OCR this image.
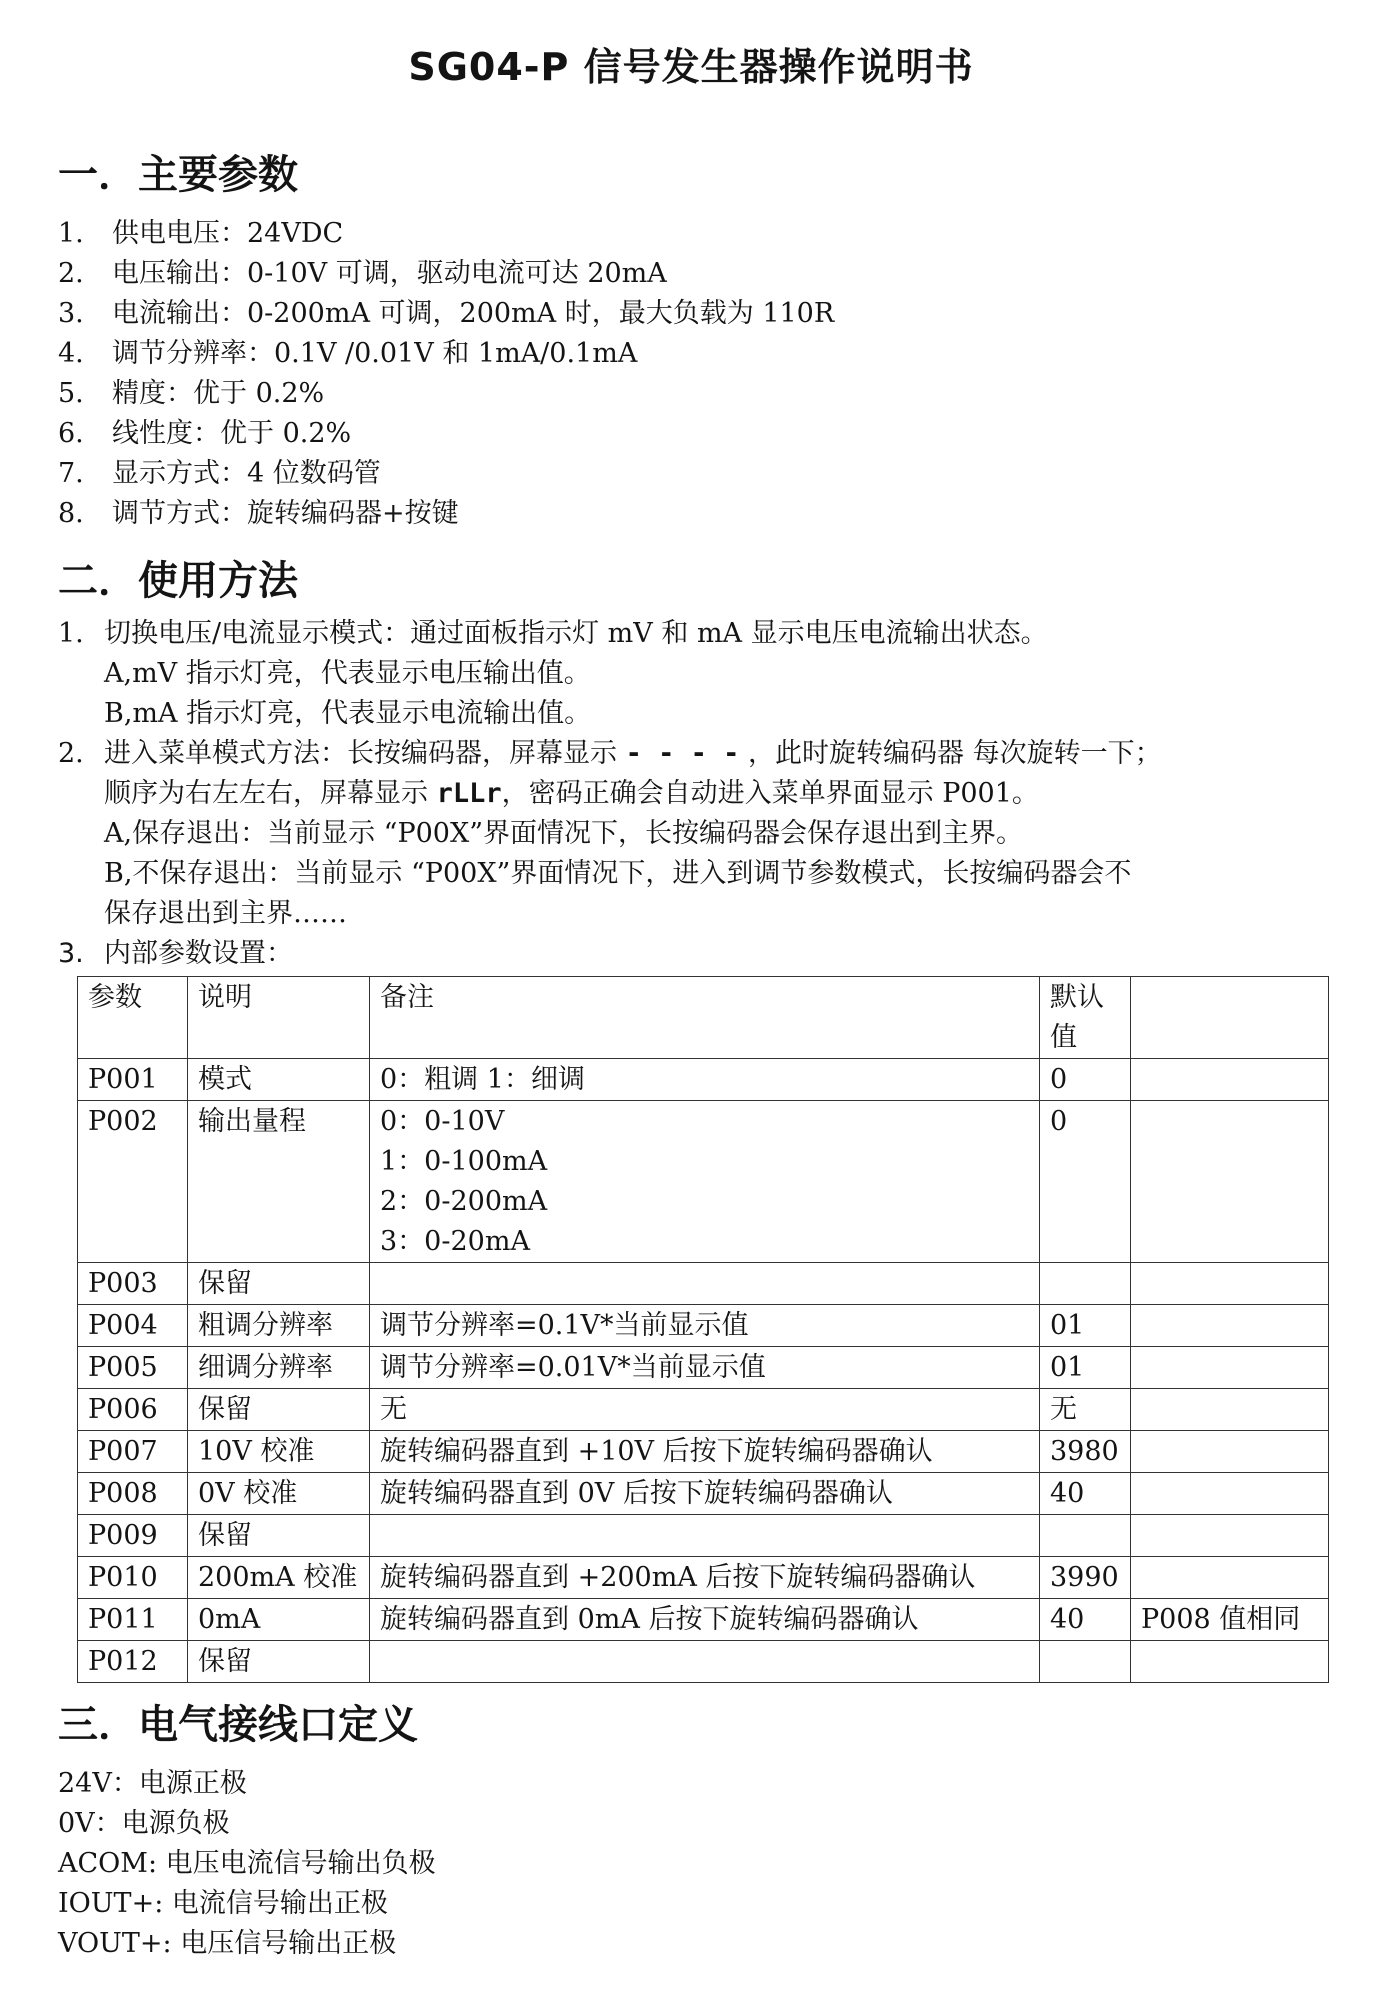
SG04-P 信号发生器操作说明书
一．主要参数
1. 供电电压：24VDC
2. 电压输出：0-10V 可调，驱动电流可达 20mA
3. 电流输出：0-200mA 可调，200mA 时，最大负载为 110R
4. 调节分辨率：0.1V /0.01V 和 1mA/0.1mA
5. 精度：优于 0.2%
6. 线性度：优于 0.2%
7. 显示方式：4 位数码管
8. 调节方式：旋转编码器+按键
二．使用方法
1. 切换电压/电流显示模式：通过面板指示灯 mV 和 mA 显示电压电流输出状态。
A,mV 指示灯亮，代表显示电压输出值。
B,mA 指示灯亮，代表显示电流输出值。
2. 进入菜单模式方法：长按编码器，屏幕显示 - - - - ，此时旋转编码器 每次旋转一下；
顺序为右左左右，屏幕显示 rLLr，密码正确会自动进入菜单界面显示 P001。
A,保存退出：当前显示 “P00X”界面情况下，长按编码器会保存退出到主界。
B,不保存退出：当前显示 “P00X”界面情况下，进入到调节参数模式，长按编码器会不
保存退出到主界……
3. 内部参数设置：
参数	说明	备注	默认
值	
P001	模式	0：粗调 1：细调	0	
P002	输出量程	0：0-10V
1：0-100mA
2：0-200mA
3：0-20mA	0	
P003	保留			
P004	粗调分辨率	调节分辨率=0.1V*当前显示值	01	
P005	细调分辨率	调节分辨率=0.01V*当前显示值	01	
P006	保留	无	无	
P007	10V 校准	旋转编码器直到 +10V 后按下旋转编码器确认	3980	
P008	0V 校准	旋转编码器直到 0V 后按下旋转编码器确认	40	
P009	保留			
P010	200mA 校准	旋转编码器直到 +200mA 后按下旋转编码器确认	3990	
P011	0mA	旋转编码器直到 0mA 后按下旋转编码器确认	40	P008 值相同
P012	保留			
三．电气接线口定义
24V：电源正极
0V：电源负极
ACOM: 电压电流信号输出负极
IOUT+: 电流信号输出正极
VOUT+: 电压信号输出正极
